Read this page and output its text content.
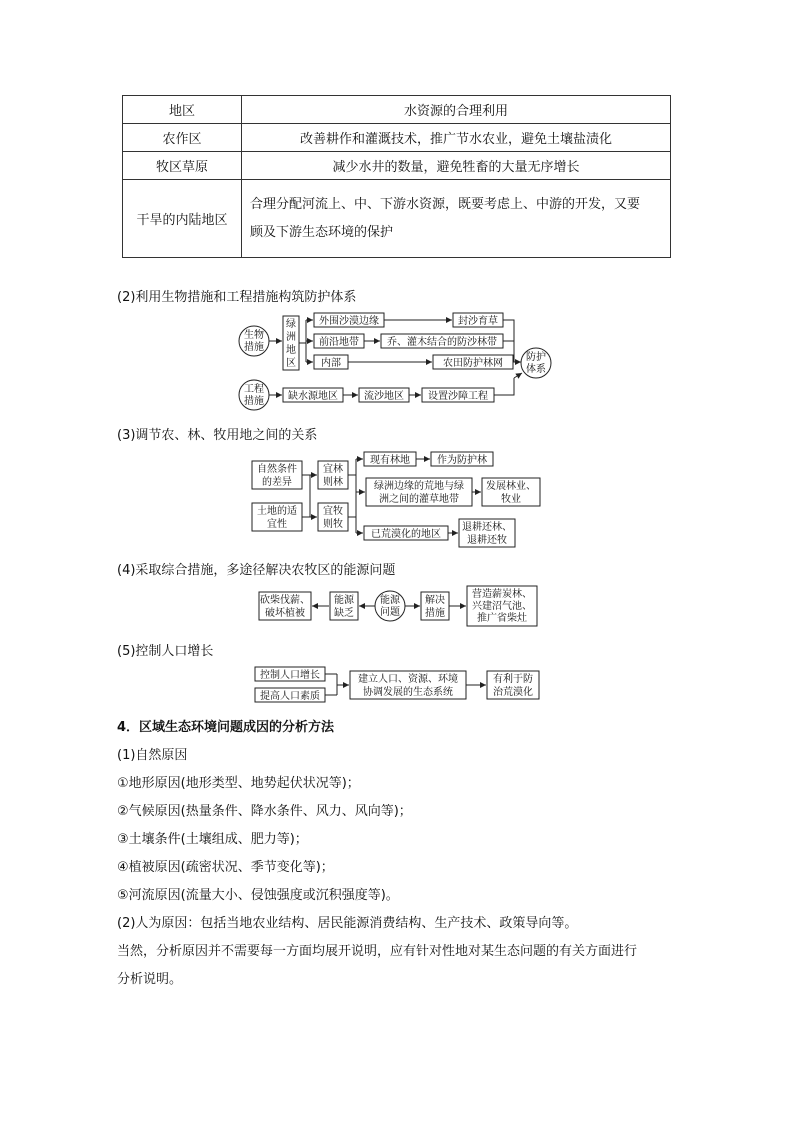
地区	水资源的合理利用
农作区	改善耕作和灌溉技术，推广节水农业，避免土壤盐渍化
牧区草原	减少水井的数量，避免牲畜的大量无序增长
干旱的内陆地区	合理分配河流上、中、下游水资源，既要考虑上、中游的开发，又要
顾及下游生态环境的保护
(2)利用生物措施和工程措施构筑防护体系
(3)调节农、林、牧用地之间的关系
(4)采取综合措施，多途径解决农牧区的能源问题
(5)控制人口增长
生物
措施
绿
洲
地
区
外围沙漠边缘
前沿地带
内部
封沙育草
乔、灌木结合的防沙林带
农田防护林网
防护
体系
工程
措施 缺水源地区	流沙地区 设置沙障工程
自然条件
的差异
土地的适
宜性
宜林
则林
宜牧
则牧
现有林地	作为防护林
绿洲边缘的荒地与绿
洲之间的灌草地带
发展林业、
牧业
已荒漠化的地区
退耕还林、
退耕还牧
砍柴伐薪、
破坏植被
能源
缺乏
能源
问题
解决
措施
营造薪炭林、
兴建沼气池、
推广省柴灶
控制人口增长
提高人口素质
建立人口、资源、环境
协调发展的生态系统
有利于防
治荒漠化
4．区域生态环境问题成因的分析方法
(1)自然原因
①地形原因(地形类型、地势起伏状况等)；
②气候原因(热量条件、降水条件、风力、风向等)；
③土壤条件(土壤组成、肥力等)；
④植被原因(疏密状况、季节变化等)；
⑤河流原因(流量大小、侵蚀强度或沉积强度等)。
(2)人为原因：包括当地农业结构、居民能源消费结构、生产技术、政策导向等。
当然，分析原因并不需要每一方面均展开说明，应有针对性地对某生态问题的有关方面进行
分析说明。
